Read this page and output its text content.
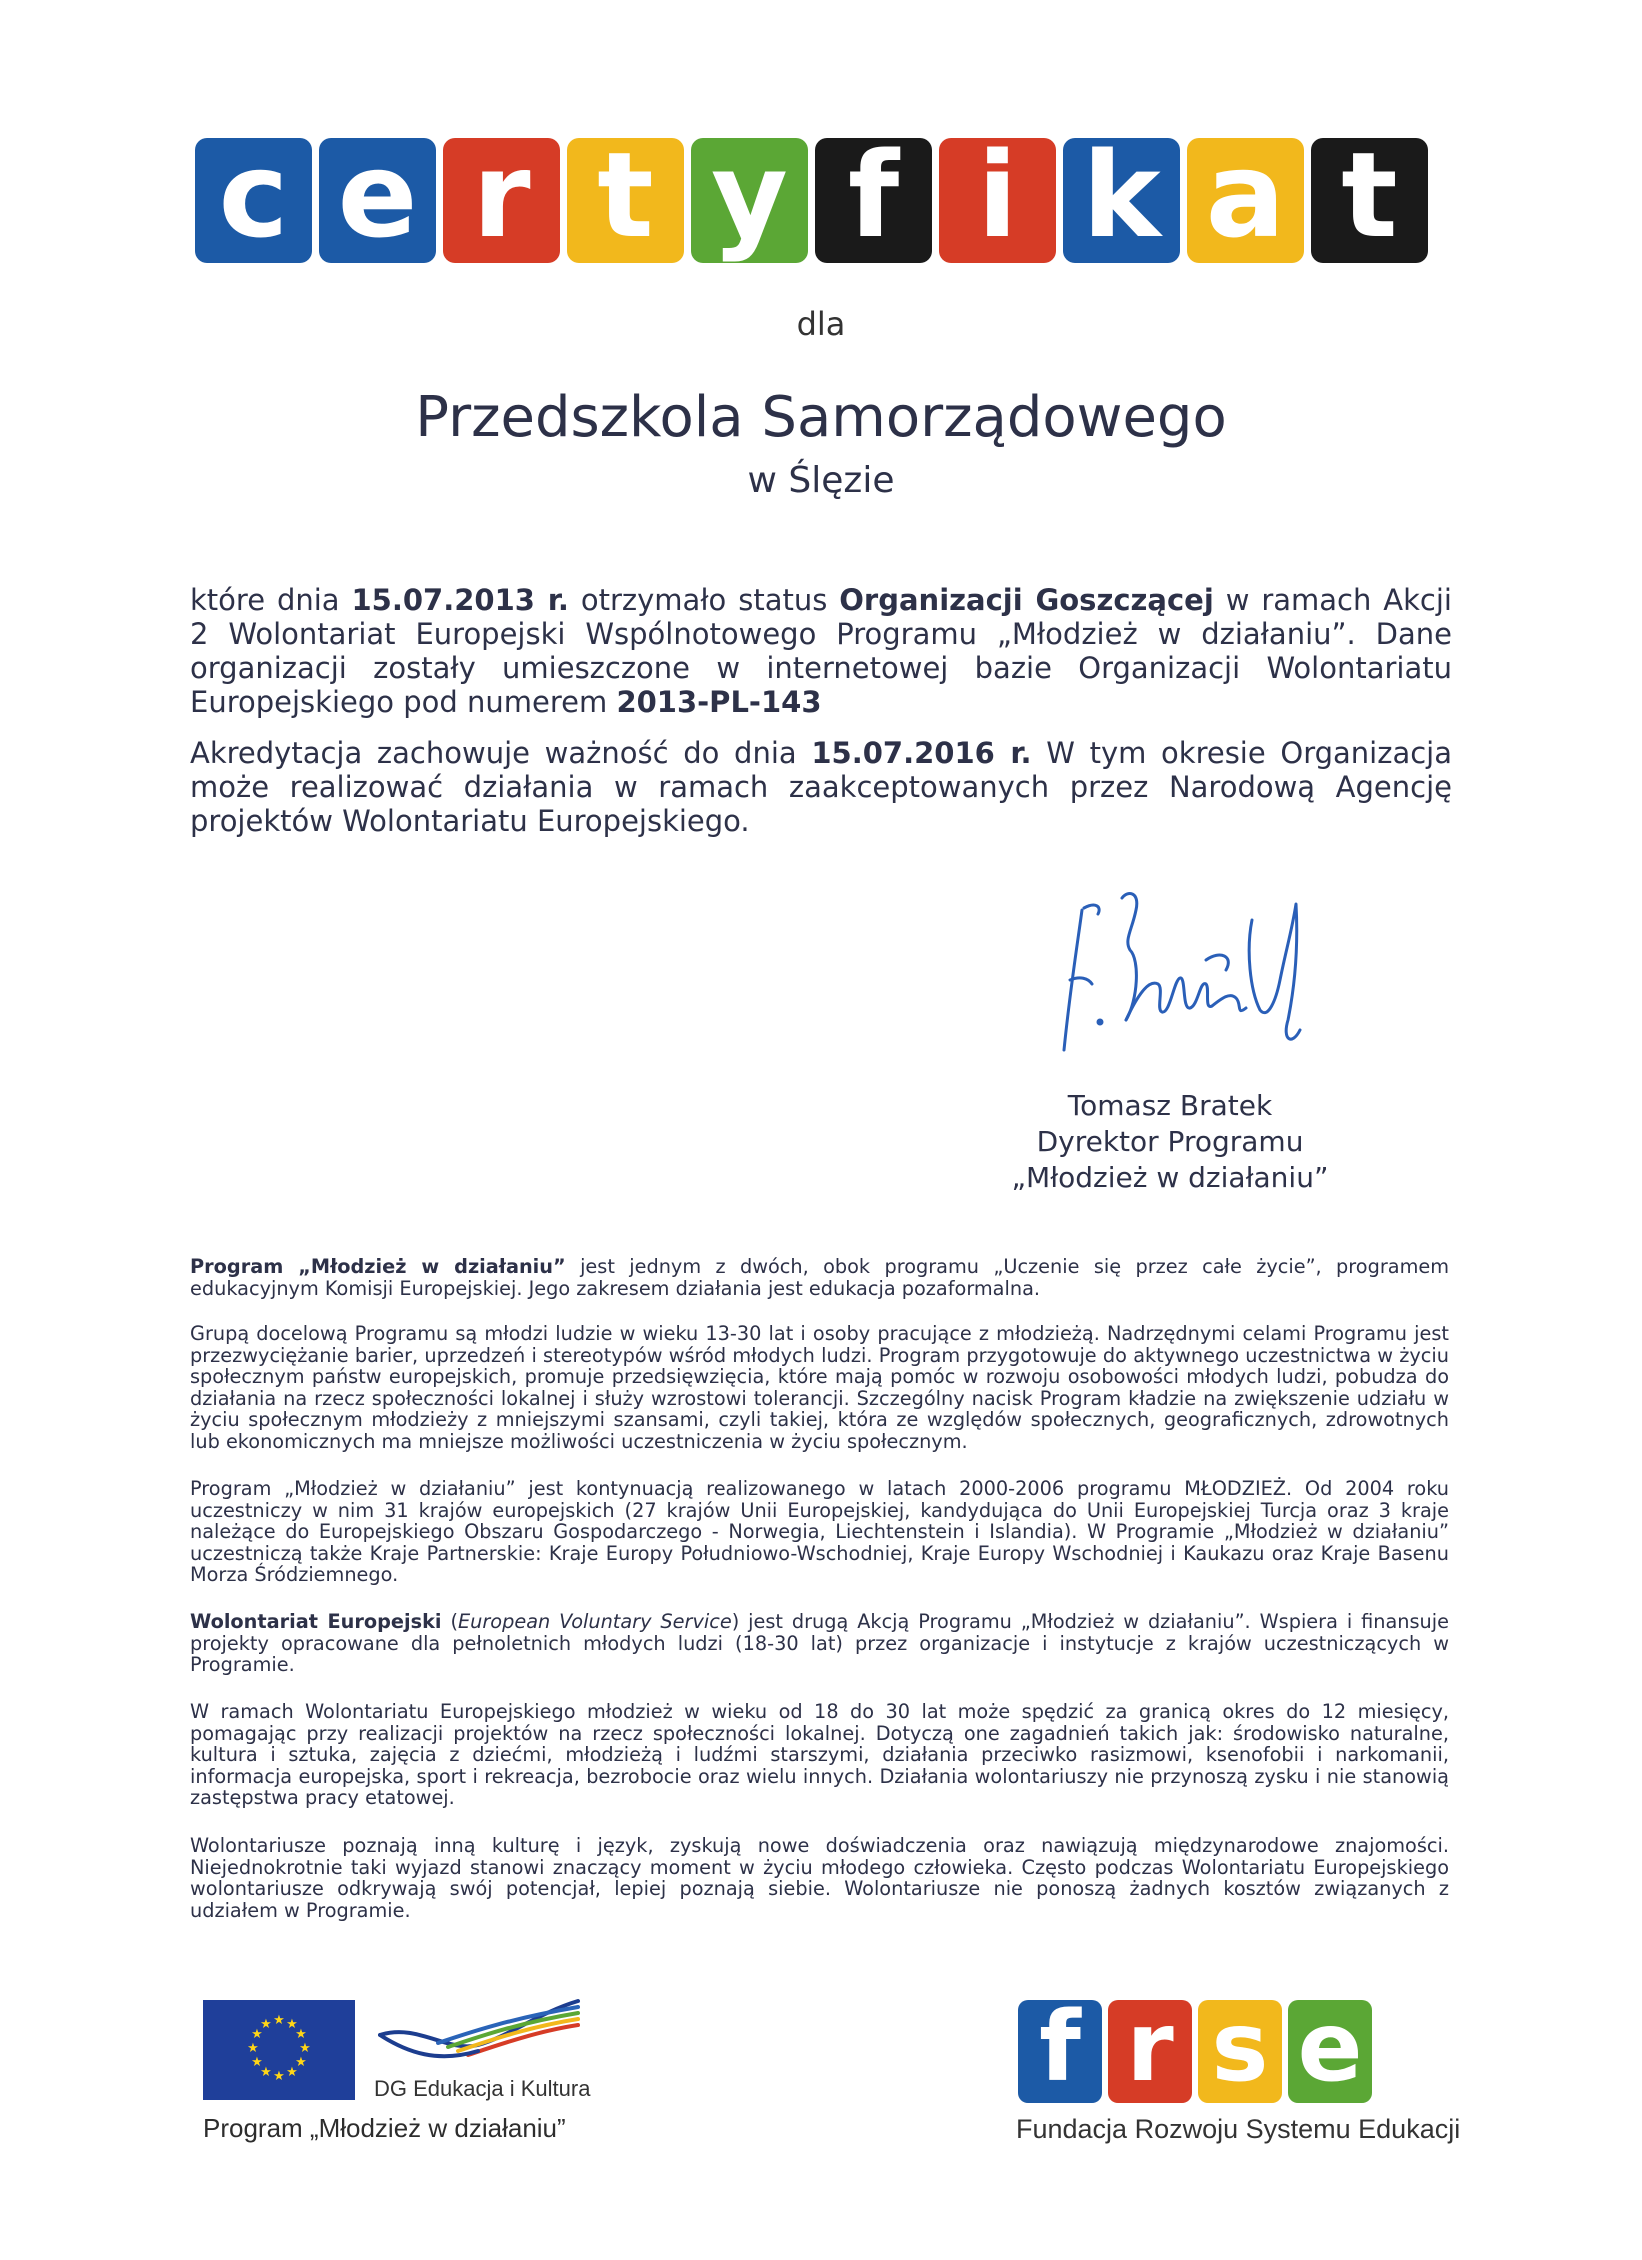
c e r t y f i k a t
dla
Przedszkola Samorządowego
w Ślęzie
które dnia 15.07.2013 r. otrzymało status Organizacji Goszczącej w ramach Akcji 2 Wolontariat Europejski Wspólnotowego Programu „Młodzież w działaniu”. Dane organizacji zostały umieszczone w internetowej bazie Organizacji Wolontariatu Europejskiego pod numerem 2013-PL-143
Akredytacja zachowuje ważność do dnia 15.07.2016 r. W tym okresie Organizacja może realizować działania w ramach zaakceptowanych przez Narodową Agencję projektów Wolontariatu Europejskiego.
Tomasz Bratek
Dyrektor Programu
„Młodzież w działaniu”
Program „Młodzież w działaniu” jest jednym z dwóch, obok programu „Uczenie się przez całe życie”, programem edukacyjnym Komisji Europejskiej. Jego zakresem działania jest edukacja pozaformalna.
Grupą docelową Programu są młodzi ludzie w wieku 13-30 lat i osoby pracujące z młodzieżą. Nadrzędnymi celami Programu jest przezwyciężanie barier, uprzedzeń i stereotypów wśród młodych ludzi. Program przygotowuje do aktywnego uczestnictwa w życiu społecznym państw europejskich, promuje przedsięwzięcia, które mają pomóc w rozwoju osobowości młodych ludzi, pobudza do działania na rzecz społeczności lokalnej i służy wzrostowi tolerancji. Szczególny nacisk Program kładzie na zwiększenie udziału w życiu społecznym młodzieży z mniejszymi szansami, czyli takiej, która ze względów społecznych, geograficznych, zdrowotnych lub ekonomicznych ma mniejsze możliwości uczestniczenia w życiu społecznym.
Program „Młodzież w działaniu” jest kontynuacją realizowanego w latach 2000-2006 programu MŁODZIEŻ. Od 2004 roku uczestniczy w nim 31 krajów europejskich (27 krajów Unii Europejskiej, kandydująca do Unii Europejskiej Turcja oraz 3 kraje należące do Europejskiego Obszaru Gospodarczego - Norwegia, Liechtenstein i Islandia). W Programie „Młodzież w działaniu” uczestniczą także Kraje Partnerskie: Kraje Europy Południowo-Wschodniej, Kraje Europy Wschodniej i Kaukazu oraz Kraje Basenu Morza Śródziemnego.
Wolontariat Europejski (European Voluntary Service) jest drugą Akcją Programu „Młodzież w działaniu”. Wspiera i finansuje projekty opracowane dla pełnoletnich młodych ludzi (18-30 lat) przez organizacje i instytucje z krajów uczestniczących w Programie.
W ramach Wolontariatu Europejskiego młodzież w wieku od 18 do 30 lat może spędzić za granicą okres do 12 miesięcy, pomagając przy realizacji projektów na rzecz społeczności lokalnej. Dotyczą one zagadnień takich jak: środowisko naturalne, kultura i sztuka, zajęcia z dziećmi, młodzieżą i ludźmi starszymi, działania przeciwko rasizmowi, ksenofobii i narkomanii, informacja europejska, sport i rekreacja, bezrobocie oraz wielu innych. Działania wolontariuszy nie przynoszą zysku i nie stanowią zastępstwa pracy etatowej.
Wolontariusze poznają inną kulturę i język, zyskują nowe doświadczenia oraz nawiązują międzynarodowe znajomości. Niejednokrotnie taki wyjazd stanowi znaczący moment w życiu młodego człowieka. Często podczas Wolontariatu Europejskiego wolontariusze odkrywają swój potencjał, lepiej poznają siebie. Wolontariusze nie ponoszą żadnych kosztów związanych z udziałem w Programie.
★ ★
★
★
★
★
★
★
★
★
★
★
DG Edukacja i Kultura
Program „Młodzież w działaniu”
f r s e
Fundacja Rozwoju Systemu Edukacji
